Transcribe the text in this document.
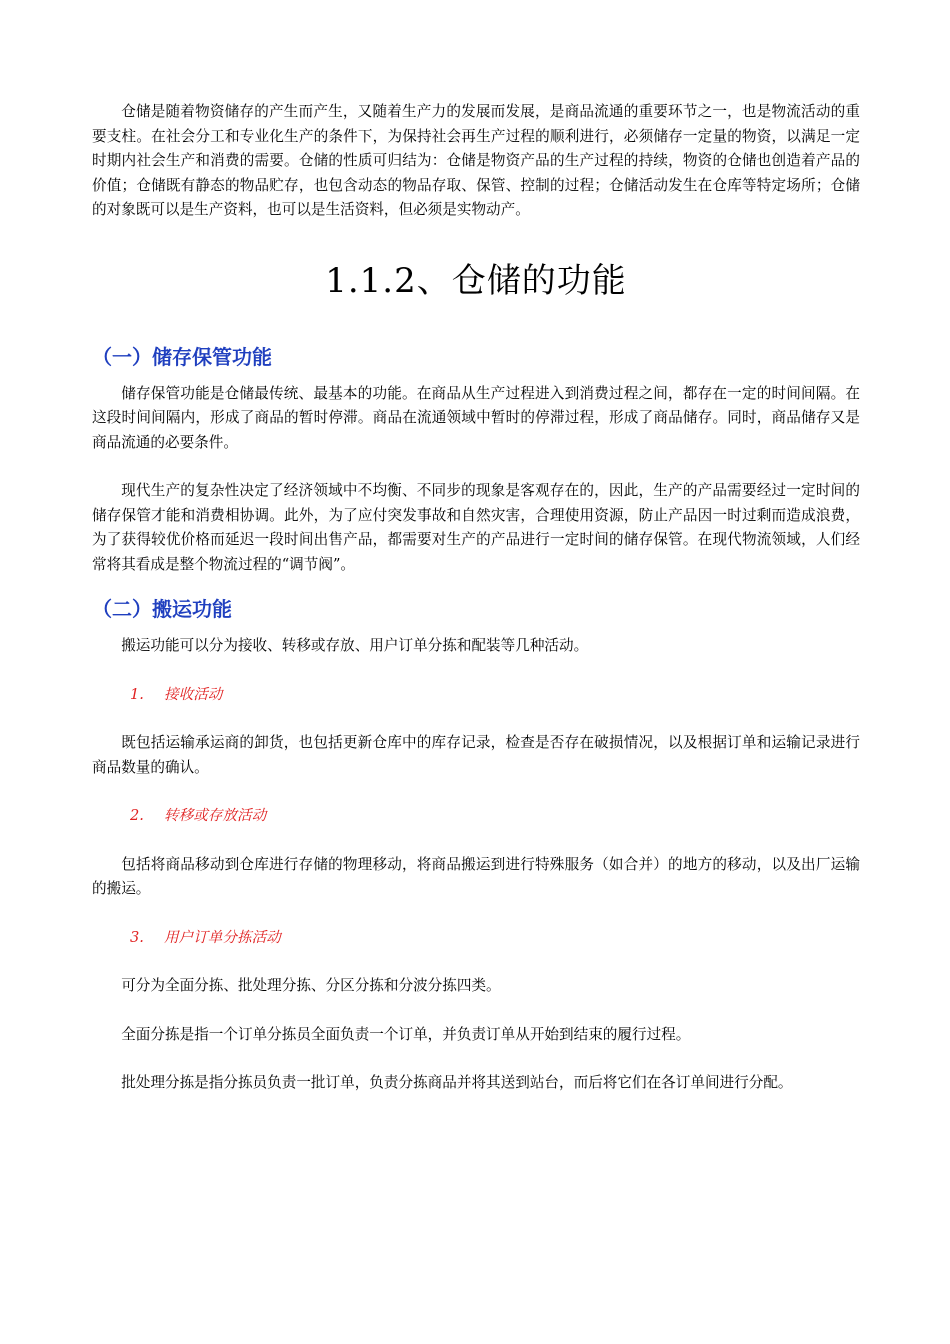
仓储是随着物资储存的产生而产生，又随着生产力的发展而发展，是商品流通的重要环节之一，也是物流活动的重要支柱。在社会分工和专业化生产的条件下，为保持社会再生产过程的顺利进行，必须储存一定量的物资，以满足一定时期内社会生产和消费的需要。仓储的性质可归结为：仓储是物资产品的生产过程的持续，物资的仓储也创造着产品的价值；仓储既有静态的物品贮存，也包含动态的物品存取、保管、控制的过程；仓储活动发生在仓库等特定场所；仓储的对象既可以是生产资料，也可以是生活资料，但必须是实物动产。

1.1.2、仓储的功能
（一）储存保管功能

储存保管功能是仓储最传统、最基本的功能。在商品从生产过程进入到消费过程之间，都存在一定的时间间隔。在这段时间间隔内，形成了商品的暂时停滞。商品在流通领域中暂时的停滞过程，形成了商品储存。同时，商品储存又是商品流通的必要条件。

现代生产的复杂性决定了经济领域中不均衡、不同步的现象是客观存在的，因此，生产的产品需要经过一定时间的储存保管才能和消费相协调。此外，为了应付突发事故和自然灾害，合理使用资源，防止产品因一时过剩而造成浪费，为了获得较优价格而延迟一段时间出售产品，都需要对生产的产品进行一定时间的储存保管。在现代物流领域，人们经常将其看成是整个物流过程的“调节阀”。

（二）搬运功能

搬运功能可以分为接收、转移或存放、用户订单分拣和配装等几种活动。

1. 接收活动

既包括运输承运商的卸货，也包括更新仓库中的库存记录，检查是否存在破损情况，以及根据订单和运输记录进行商品数量的确认。

2. 转移或存放活动

包括将商品移动到仓库进行存储的物理移动，将商品搬运到进行特殊服务（如合并）的地方的移动，以及出厂运输的搬运。

3. 用户订单分拣活动

可分为全面分拣、批处理分拣、分区分拣和分波分拣四类。

全面分拣是指一个订单分拣员全面负责一个订单，并负责订单从开始到结束的履行过程。

批处理分拣是指分拣员负责一批订单，负责分拣商品并将其送到站台，而后将它们在各订单间进行分配。
